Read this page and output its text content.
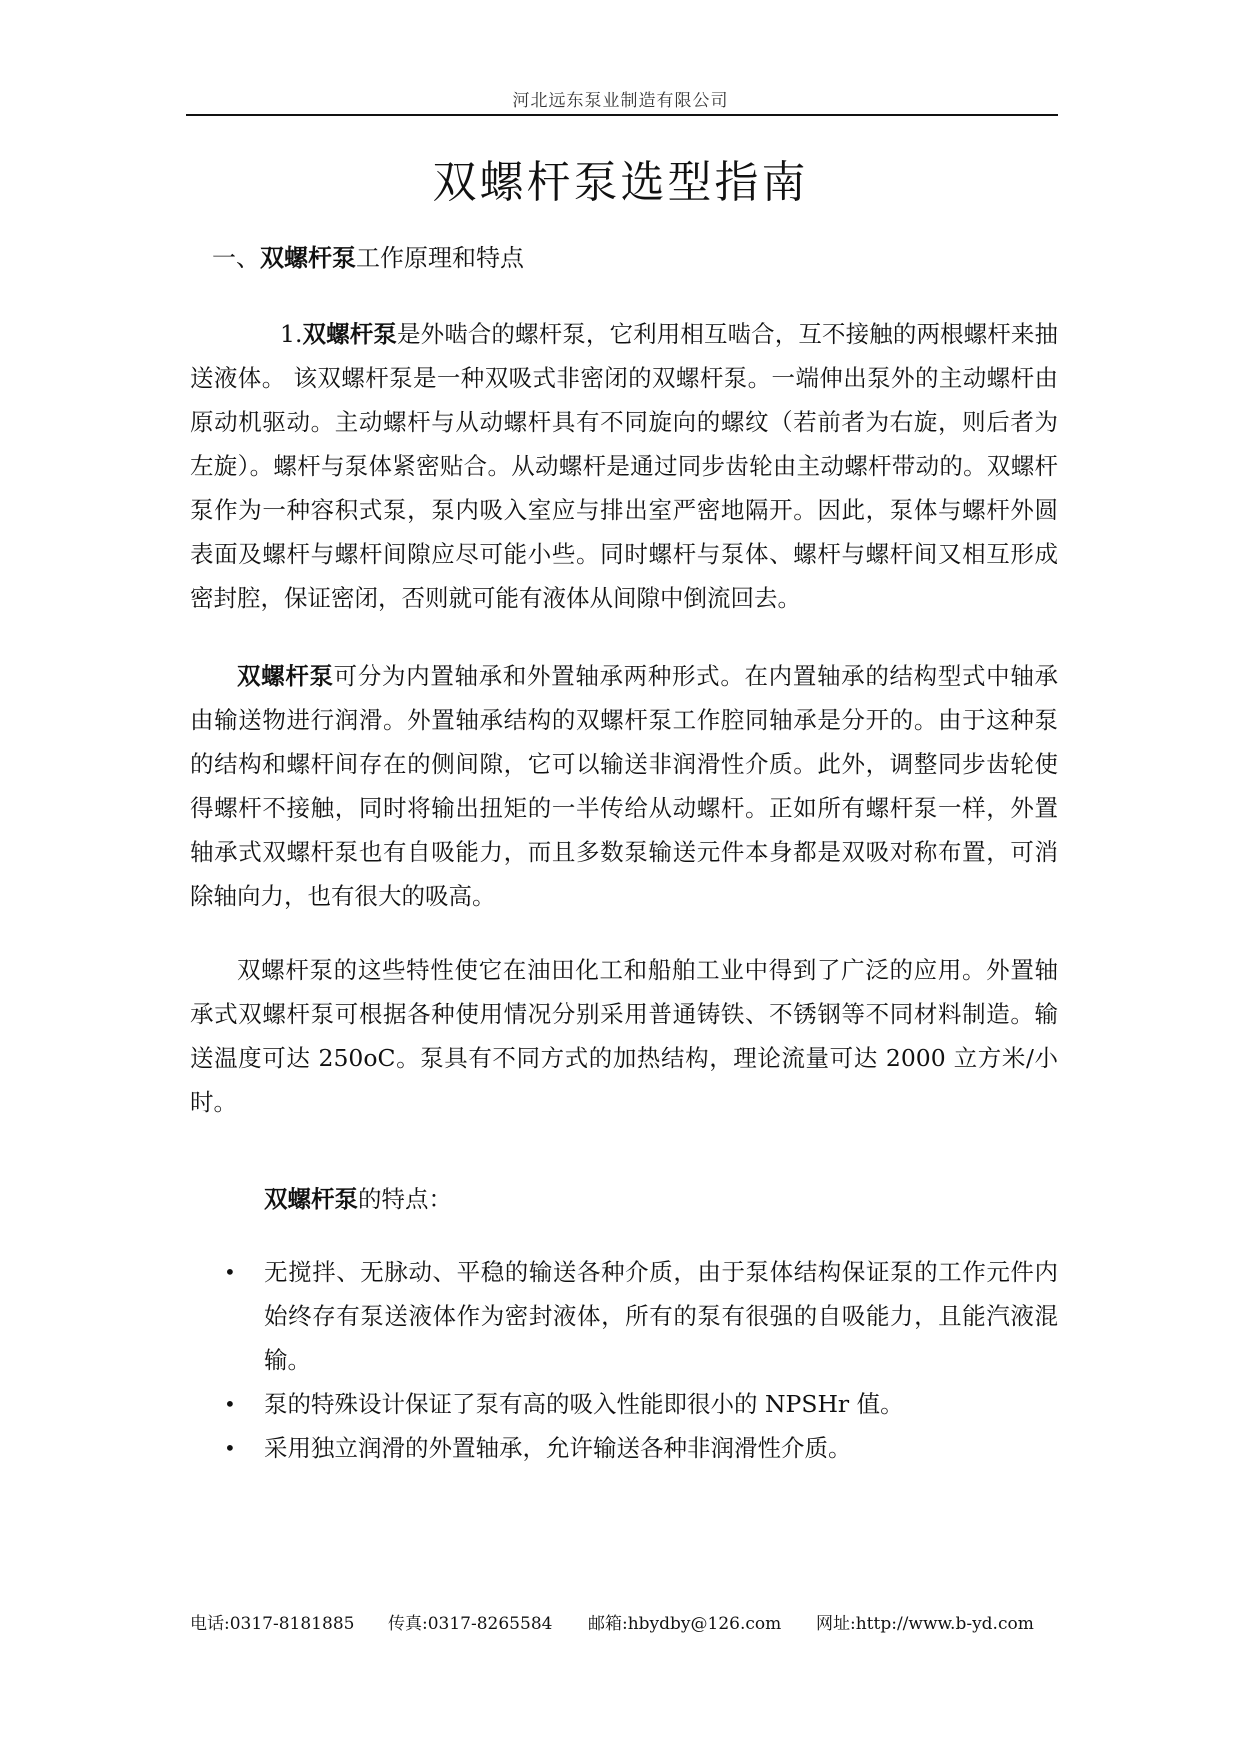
河北远东泵业制造有限公司
双螺杆泵选型指南
一、双螺杆泵工作原理和特点

1.双螺杆泵是外啮合的螺杆泵，它利用相互啮合，互不接触的两根螺杆来抽送液体。 该双螺杆泵是一种双吸式非密闭的双螺杆泵。一端伸出泵外的主动螺杆由原动机驱动。主动螺杆与从动螺杆具有不同旋向的螺纹（若前者为右旋，则后者为左旋）。螺杆与泵体紧密贴合。从动螺杆是通过同步齿轮由主动螺杆带动的。双螺杆泵作为一种容积式泵，泵内吸入室应与排出室严密地隔开。因此，泵体与螺杆外圆表面及螺杆与螺杆间隙应尽可能小些。同时螺杆与泵体、螺杆与螺杆间又相互形成密封腔，保证密闭，否则就可能有液体从间隙中倒流回去。

双螺杆泵可分为内置轴承和外置轴承两种形式。在内置轴承的结构型式中轴承由输送物进行润滑。外置轴承结构的双螺杆泵工作腔同轴承是分开的。由于这种泵的结构和螺杆间存在的侧间隙，它可以输送非润滑性介质。此外，调整同步齿轮使得螺杆不接触，同时将输出扭矩的一半传给从动螺杆。正如所有螺杆泵一样，外置轴承式双螺杆泵也有自吸能力，而且多数泵输送元件本身都是双吸对称布置，可消除轴向力，也有很大的吸高。

双螺杆泵的这些特性使它在油田化工和船舶工业中得到了广泛的应用。外置轴承式双螺杆泵可根据各种使用情况分别采用普通铸铁、不锈钢等不同材料制造。输送温度可达 250oC。泵具有不同方式的加热结构，理论流量可达 2000 立方米/小时。

双螺杆泵的特点：
• 无搅拌、无脉动、平稳的输送各种介质，由于泵体结构保证泵的工作元件内始终存有泵送液体作为密封液体，所有的泵有很强的自吸能力，且能汽液混输。
• 泵的特殊设计保证了泵有高的吸入性能即很小的 NPSHr 值。
• 采用独立润滑的外置轴承，允许输送各种非润滑性介质。
电话:0317-8181885 传真:0317-8265584 邮箱:hbydby@126.com 网址:http://www.b-yd.com
